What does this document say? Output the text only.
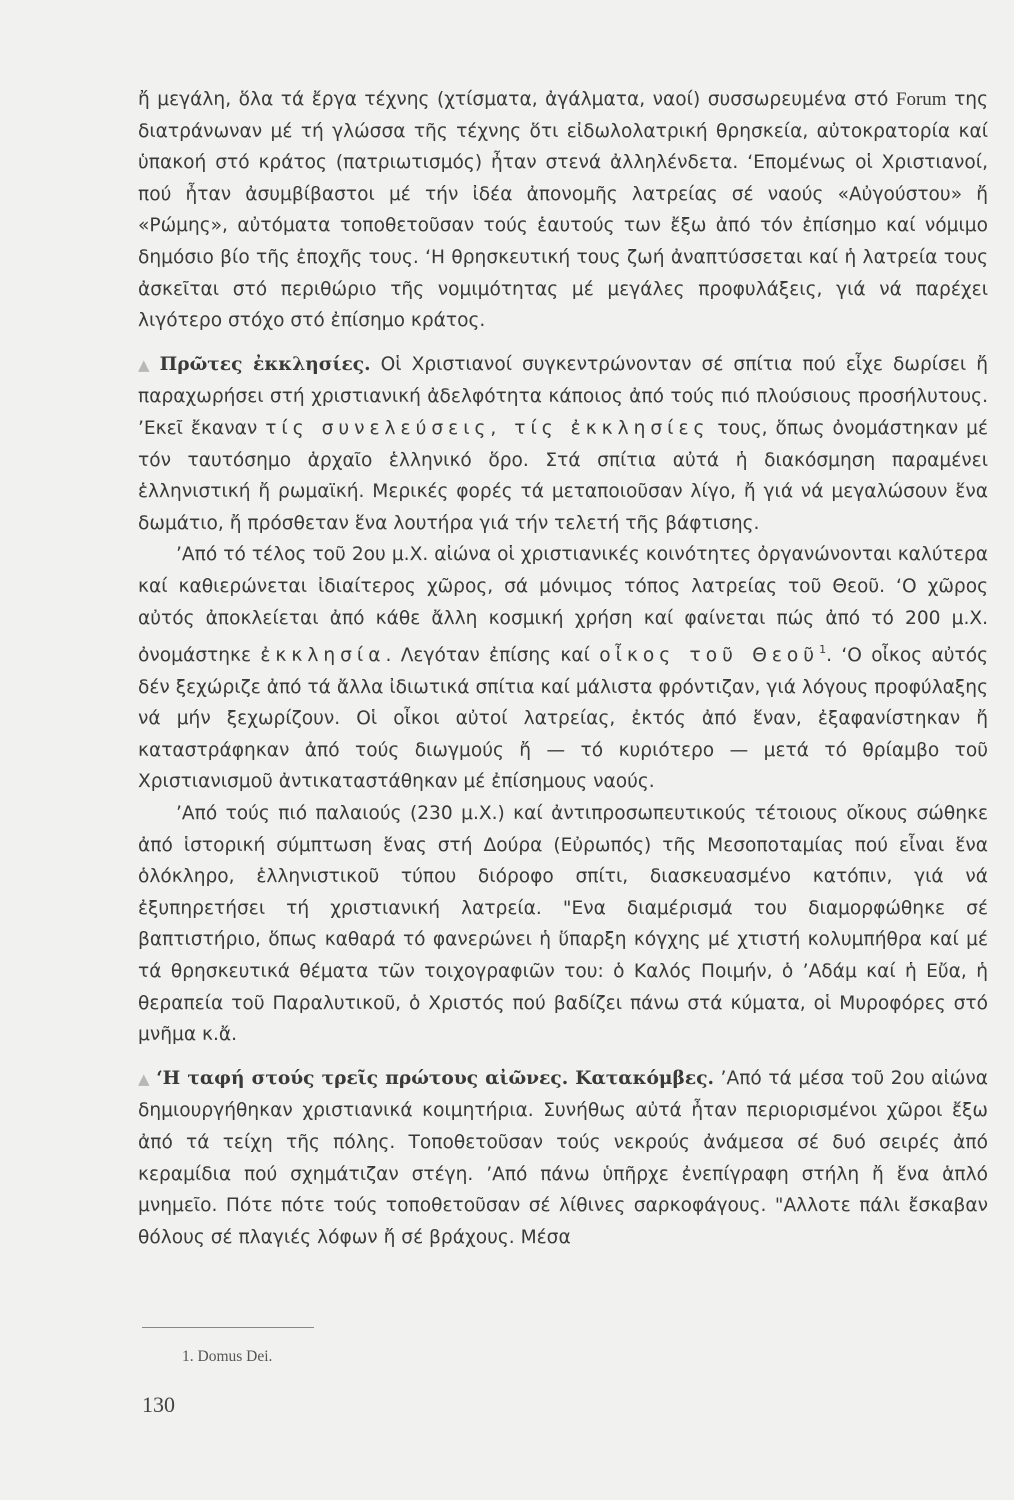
ἤ μεγάλη, ὅλα τά ἔργα τέχνης (χτίσματα, ἀγάλματα, ναοί) συσσωρευμένα στό Forum της διατράνωναν μέ τή γλώσσα τῆς τέχνης ὅτι εἰδωλολατρική θρησκεία, αὐτοκρατορία καί ὑπακοή στό κράτος (πατριωτισμός) ἦταν στενά ἀλληλένδετα. ‘Επομένως οἱ Χριστιανοί, πού ἦταν ἀσυμβίβαστοι μέ τήν ἰδέα ἀπονομῆς λατρείας σέ ναούς «Αὐγούστου» ἤ «Ρώμης», αὐτόματα τοποθετοῦσαν τούς ἑαυτούς των ἔξω ἀπό τόν ἐπίσημο καί νόμιμο δημόσιο βίο τῆς ἐποχῆς τους. ‘Η θρησκευτική τους ζωή ἀναπτύσσεται καί ἡ λατρεία τους ἀσκεῖται στό περιθώριο τῆς νομιμότητας μέ μεγάλες προφυλάξεις, γιά νά παρέχει λιγότερο στόχο στό ἐπίσημο κράτος.

▲ Πρῶτες ἐκκλησίες. Οἱ Χριστιανοί συγκεντρώνονταν σέ σπίτια πού εἶχε δωρίσει ἤ παραχωρήσει στή χριστιανική ἀδελφότητα κάποιος ἀπό τούς πιό πλούσιους προσήλυτους. ’Εκεῖ ἔκαναν τίς συνελεύσεις, τίς ἐκκλησίες τους, ὅπως ὀνομάστηκαν μέ τόν ταυτόσημο ἀρχαῖο ἑλληνικό ὅρο. Στά σπίτια αὐτά ἡ διακόσμηση παραμένει ἑλληνιστική ἤ ρωμαϊκή. Μερικές φορές τά μεταποιοῦσαν λίγο, ἤ γιά νά μεγαλώσουν ἕνα δωμάτιο, ἤ πρόσθεταν ἕνα λουτήρα γιά τήν τελετή τῆς βάφτισης.

’Από τό τέλος τοῦ 2ου μ.Χ. αἰώνα οἱ χριστιανικές κοινότητες ὀργανώνονται καλύτερα καί καθιερώνεται ἰδιαίτερος χῶρος, σά μόνιμος τόπος λατρείας τοῦ Θεοῦ. ‘Ο χῶρος αὐτός ἀποκλείεται ἀπό κάθε ἄλλη κοσμική χρήση καί φαίνεται πώς ἀπό τό 200 μ.Χ. ὀνομάστηκε ἐκκλησία. Λεγόταν ἐπίσης καί οἶκος τοῦ Θεοῦ$^1$. ‘Ο οἶκος αὐτός δέν ξεχώριζε ἀπό τά ἄλλα ἰδιωτικά σπίτια καί μάλιστα φρόντιζαν, γιά λόγους προφύλαξης νά μήν ξεχωρίζουν. Οἱ οἶκοι αὐτοί λατρείας, ἐκτός ἀπό ἕναν, ἐξαφανίστηκαν ἤ καταστράφηκαν ἀπό τούς διωγμούς ἤ — τό κυριότερο — μετά τό θρίαμβο τοῦ Χριστιανισμοῦ ἀντικαταστάθηκαν μέ ἐπίσημους ναούς.

’Από τούς πιό παλαιούς (230 μ.Χ.) καί ἀντιπροσωπευτικούς τέτοιους οἴκους σώθηκε ἀπό ἱστορική σύμπτωση ἕνας στή Δούρα (Εὐρωπός) τῆς Μεσοποταμίας πού εἶναι ἕνα ὁλόκληρο, ἑλληνιστικοῦ τύπου διόροφο σπίτι, διασκευασμένο κατόπιν, γιά νά ἐξυπηρετήσει τή χριστιανική λατρεία. "Ενα διαμέρισμά του διαμορφώθηκε σέ βαπτιστήριο, ὅπως καθαρά τό φανερώνει ἡ ὕπαρξη κόγχης μέ χτιστή κολυμπήθρα καί μέ τά θρησκευτικά θέματα τῶν τοιχογραφιῶν του: ὁ Καλός Ποιμήν, ὁ ’Αδάμ καί ἡ Εὔα, ἡ θεραπεία τοῦ Παραλυτικοῦ, ὁ Χριστός πού βαδίζει πάνω στά κύματα, οἱ Μυροφόρες στό μνῆμα κ.ἄ.

▲ ‘Η ταφή στούς τρεῖς πρώτους αἰῶνες. Κατακόμβες. ’Από τά μέσα τοῦ 2ου αἰώνα δημιουργήθηκαν χριστιανικά κοιμητήρια. Συνήθως αὐτά ἦταν περιορισμένοι χῶροι ἔξω ἀπό τά τείχη τῆς πόλης. Τοποθετοῦσαν τούς νεκρούς ἀνάμεσα σέ δυό σειρές ἀπό κεραμίδια πού σχημάτιζαν στέγη. ’Από πάνω ὑπῆρχε ἐνεπίγραφη στήλη ἤ ἕνα ἁπλό μνημεῖο. Πότε πότε τούς τοποθετοῦσαν σέ λίθινες σαρκοφάγους. "Αλλοτε πάλι ἔσκαβαν θόλους σέ πλαγιές λόφων ἤ σέ βράχους. Μέσα

1. Domus Dei.
130
